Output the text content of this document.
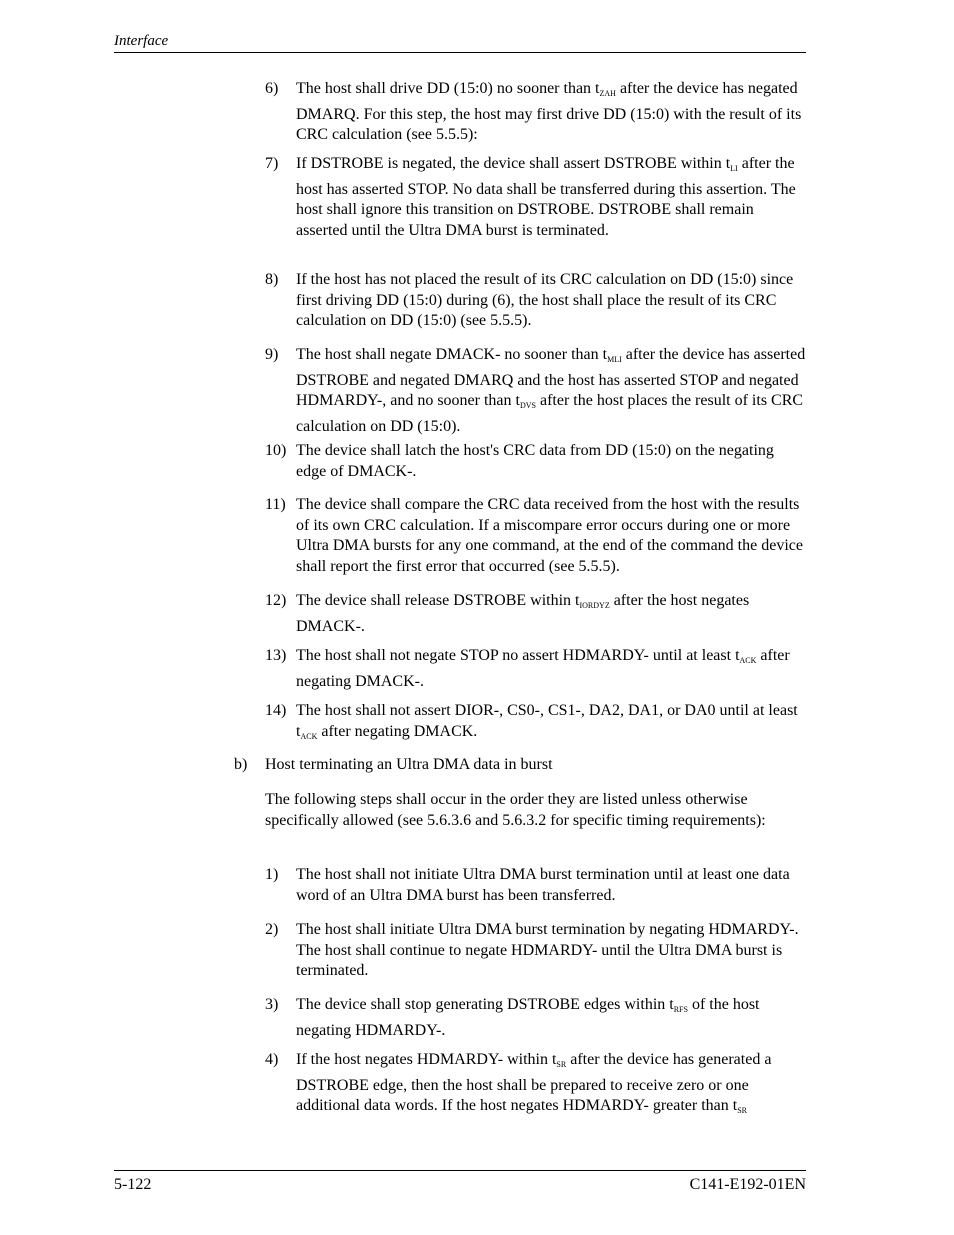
Interface
6) The host shall drive DD (15:0) no sooner than $t_{ZAH}$ after the device has negated DMARQ. For this step, the host may first drive DD (15:0) with the result of its CRC calculation (see 5.5.5):
7) If DSTROBE is negated, the device shall assert DSTROBE within $t_{LI}$ after the host has asserted STOP. No data shall be transferred during this assertion. The host shall ignore this transition on DSTROBE. DSTROBE shall remain asserted until the Ultra DMA burst is terminated.
8) If the host has not placed the result of its CRC calculation on DD (15:0) since first driving DD (15:0) during (6), the host shall place the result of its CRC calculation on DD (15:0) (see 5.5.5).
9) The host shall negate DMACK- no sooner than $t_{MLI}$ after the device has asserted DSTROBE and negated DMARQ and the host has asserted STOP and negated HDMARDY-, and no sooner than $t_{DVS}$ after the host places the result of its CRC calculation on DD (15:0).
10) The device shall latch the host's CRC data from DD (15:0) on the negating edge of DMACK-.
11) The device shall compare the CRC data received from the host with the results of its own CRC calculation. If a miscompare error occurs during one or more Ultra DMA bursts for any one command, at the end of the command the device shall report the first error that occurred (see 5.5.5).
12) The device shall release DSTROBE within $t_{IORDYZ}$ after the host negates DMACK-.
13) The host shall not negate STOP no assert HDMARDY- until at least $t_{ACK}$ after negating DMACK-.
14) The host shall not assert DIOR-, CS0-, CS1-, DA2, DA1, or DA0 until at least $t_{ACK}$ after negating DMACK.
b) Host terminating an Ultra DMA data in burst
The following steps shall occur in the order they are listed unless otherwise specifically allowed (see 5.6.3.6 and 5.6.3.2 for specific timing requirements):
1) The host shall not initiate Ultra DMA burst termination until at least one data word of an Ultra DMA burst has been transferred.
2) The host shall initiate Ultra DMA burst termination by negating HDMARDY-. The host shall continue to negate HDMARDY- until the Ultra DMA burst is terminated.
3) The device shall stop generating DSTROBE edges within $t_{RFS}$ of the host negating HDMARDY-.
4) If the host negates HDMARDY- within $t_{SR}$ after the device has generated a DSTROBE edge, then the host shall be prepared to receive zero or one additional data words. If the host negates HDMARDY- greater than $t_{SR}$
5-122	C141-E192-01EN
